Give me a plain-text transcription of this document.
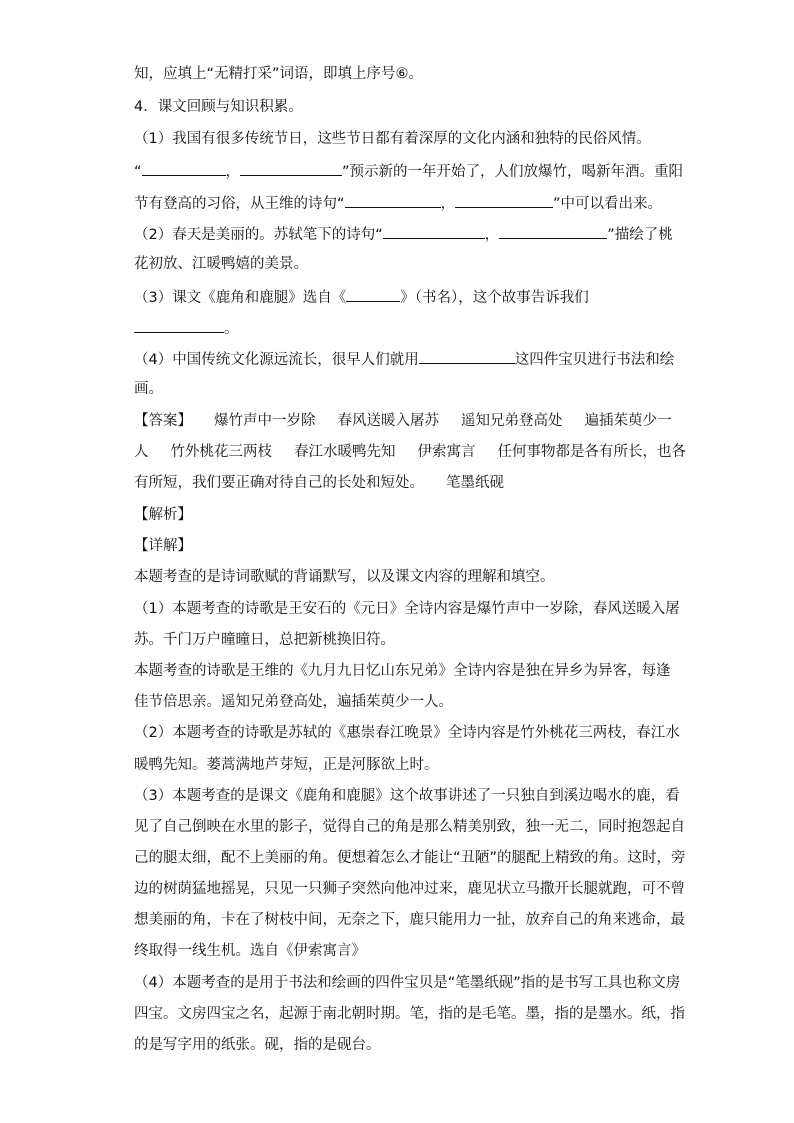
知，应填上“无精打采”词语，即填上序号⑥。
4．课文回顾与知识积累。
（1）我国有很多传统节日，这些节日都有着深厚的文化内涵和独特的民俗风情。
“	，	”预示新的一年开始了，人们放爆竹，喝新年酒。重阳
节有登高的习俗，从王维的诗句“	，	”中可以看出来。
（2）春天是美丽的。苏轼笔下的诗句“	，	”描绘了桃
花初放、江暖鸭嬉的美景。
（3）课文《鹿角和鹿腿》选自《	》（书名），这个故事告诉我们
。
（4）中国传统文化源远流长，很早人们就用	这四件宝贝进行书法和绘
画。
【答案】 爆竹声中一岁除 春风送暖入屠苏 遥知兄弟登高处 遍插茱萸少一
人 竹外桃花三两枝 春江水暖鸭先知 伊索寓言 任何事物都是各有所长，也各
有所短，我们要正确对待自己的长处和短处。 笔墨纸砚
【解析】
【详解】
本题考查的是诗词歌赋的背诵默写，以及课文内容的理解和填空。
（1）本题考查的诗歌是王安石的《元日》全诗内容是爆竹声中一岁除，春风送暖入屠
苏。千门万户曈曈日，总把新桃换旧符。
本题考查的诗歌是王维的《九月九日忆山东兄弟》全诗内容是独在异乡为异客，每逢
佳节倍思亲。遥知兄弟登高处，遍插茱萸少一人。
（2）本题考查的诗歌是苏轼的《惠崇春江晚景》全诗内容是竹外桃花三两枝，春江水
暖鸭先知。蒌蒿满地芦芽短，正是河豚欲上时。
（3）本题考查的是课文《鹿角和鹿腿》这个故事讲述了一只独自到溪边喝水的鹿，看
见了自己倒映在水里的影子，觉得自己的角是那么精美别致，独一无二，同时抱怨起自
己的腿太细，配不上美丽的角。便想着怎么才能让“丑陋”的腿配上精致的角。这时，旁
边的树荫猛地摇晃，只见一只狮子突然向他冲过来，鹿见状立马撒开长腿就跑，可不曾
想美丽的角，卡在了树枝中间，无奈之下，鹿只能用力一扯，放弃自己的角来逃命，最
终取得一线生机。选自《伊索寓言》
（4）本题考查的是用于书法和绘画的四件宝贝是“笔墨纸砚”指的是书写工具也称文房
四宝。文房四宝之名，起源于南北朝时期。笔，指的是毛笔。墨，指的是墨水。纸，指
的是写字用的纸张。砚，指的是砚台。
